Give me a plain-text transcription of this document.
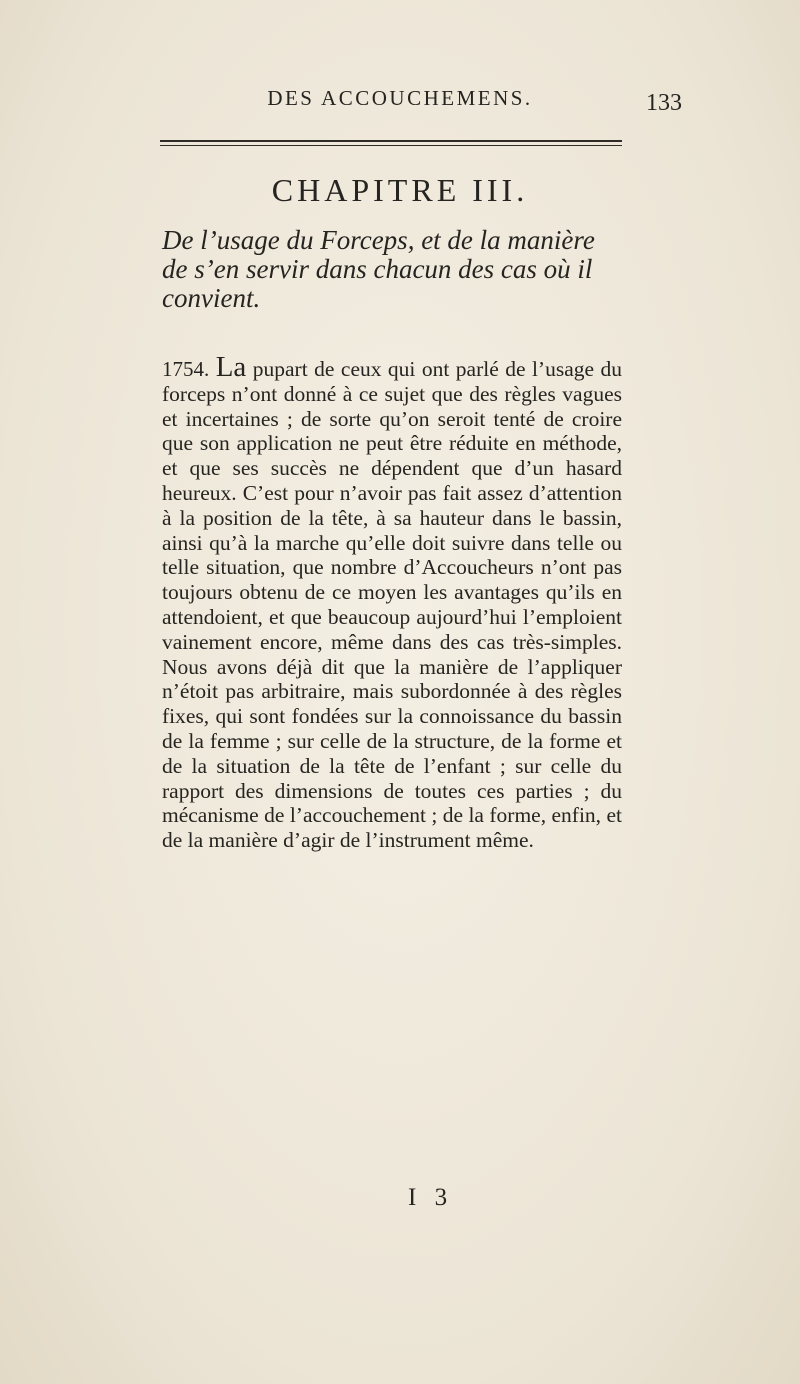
DES ACCOUCHEMENS.	133
CHAPITRE III.
De l’usage du Forceps, et de la manière de s’en servir dans chacun des cas où il convient.
1754. La pupart de ceux qui ont parlé de l’usage du forceps n’ont donné à ce sujet que des règles vagues et incertaines ; de sorte qu’on seroit tenté de croire que son application ne peut être réduite en méthode, et que ses succès ne dépendent que d’un hasard heureux. C’est pour n’avoir pas fait assez d’attention à la position de la tête, à sa hauteur dans le bassin, ainsi qu’à la marche qu’elle doit suivre dans telle ou telle situation, que nombre d’Accoucheurs n’ont pas toujours obtenu de ce moyen les avantages qu’ils en attendoient, et que beaucoup aujourd’hui l’emploient vainement encore, même dans des cas très-simples. Nous avons déjà dit que la manière de l’appliquer n’étoit pas arbitraire, mais subordonnée à des règles fixes, qui sont fondées sur la connoissance du bassin de la femme ; sur celle de la structure, de la forme et de la situation de la tête de l’enfant ; sur celle du rapport des dimensions de toutes ces parties ; du mécanisme de l’accouchement ; de la forme, enfin, et de la manière d’agir de l’instrument même.
I 3
